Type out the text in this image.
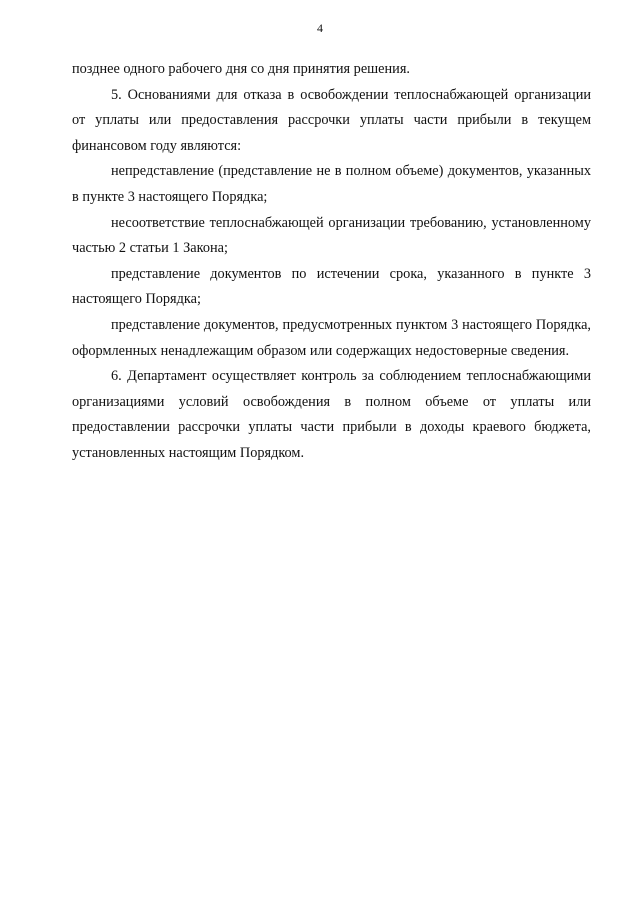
4

позднее одного рабочего дня со дня принятия решения.

5. Основаниями для отказа в освобождении теплоснабжающей организации от уплаты или предоставления рассрочки уплаты части прибыли в текущем финансовом году являются:

непредставление (представление не в полном объеме) документов, указанных в пункте 3 настоящего Порядка;

несоответствие теплоснабжающей организации требованию, установленному частью 2 статьи 1 Закона;

представление документов по истечении срока, указанного в пункте 3 настоящего Порядка;

представление документов, предусмотренных пунктом 3 настоящего Порядка, оформленных ненадлежащим образом или содержащих недостоверные сведения.

6. Департамент осуществляет контроль за соблюдением теплоснабжающими организациями условий освобождения в полном объеме от уплаты или предоставлении рассрочки уплаты части прибыли в доходы краевого бюджета, установленных настоящим Порядком.
